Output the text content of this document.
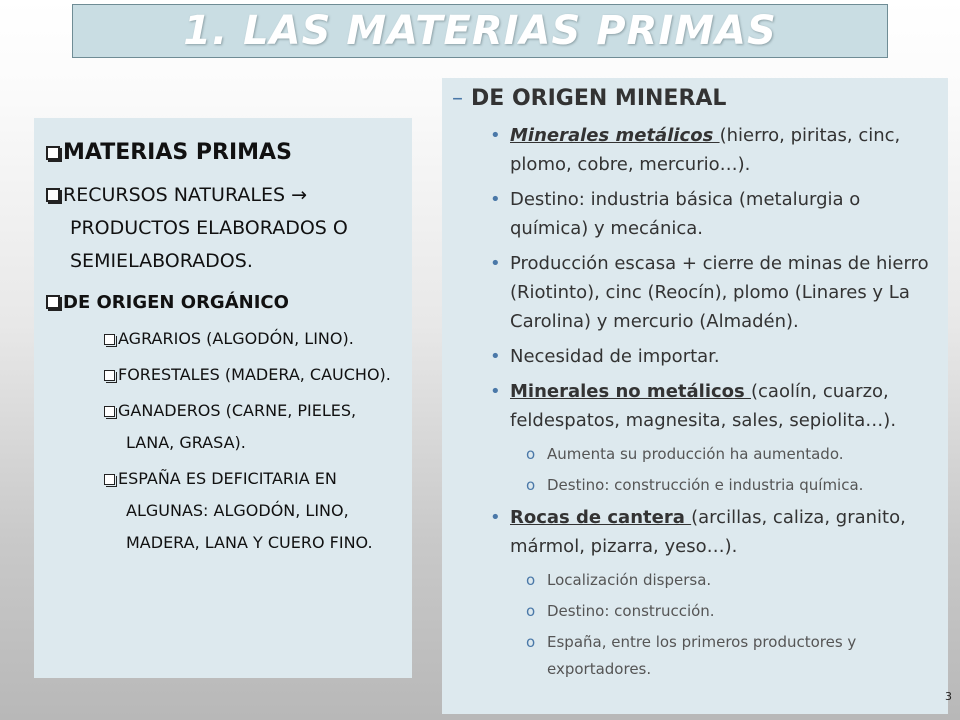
1. LAS MATERIAS PRIMAS
MATERIAS PRIMAS
RECURSOS NATURALES → PRODUCTOS ELABORADOS O SEMIELABORADOS.
DE ORIGEN ORGÁNICO
AGRARIOS (ALGODÓN, LINO).
FORESTALES (MADERA, CAUCHO).
GANADEROS (CARNE, PIELES, LANA, GRASA).
ESPAÑA ES DEFICITARIA EN ALGUNAS: ALGODÓN, LINO, MADERA, LANA Y CUERO FINO.
– DE ORIGEN MINERAL
• Minerales metálicos (hierro, piritas, cinc, plomo, cobre, mercurio…).
• Destino: industria básica (metalurgia o química) y mecánica.
• Producción escasa + cierre de minas de hierro (Riotinto), cinc (Reocín), plomo (Linares y La Carolina) y mercurio (Almadén).
• Necesidad de importar.
• Minerales no metálicos (caolín, cuarzo, feldespatos, magnesita, sales, sepiolita…).
o Aumenta su producción ha aumentado.
o Destino: construcción e industria química.
• Rocas de cantera (arcillas, caliza, granito, mármol, pizarra, yeso…).
o Localización dispersa.
o Destino: construcción.
o España, entre los primeros productores y exportadores.
3
